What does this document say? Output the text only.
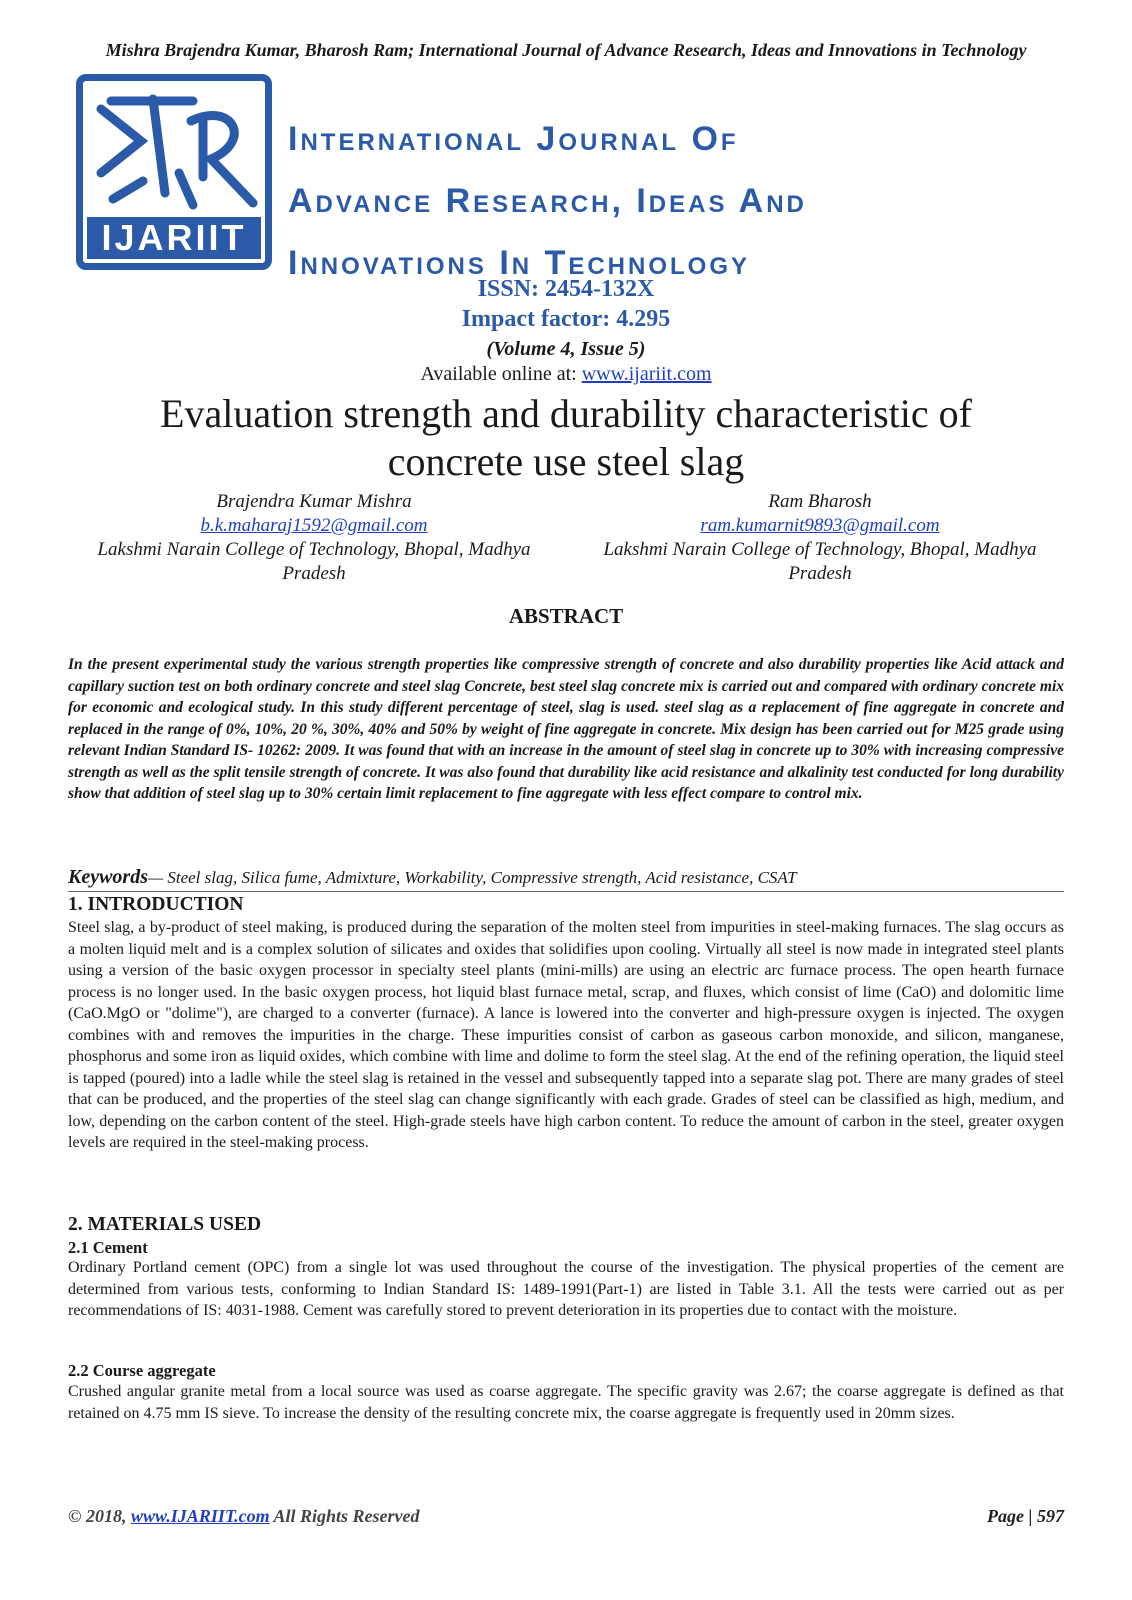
Mishra Brajendra Kumar, Bharosh Ram; International Journal of Advance Research, Ideas and Innovations in Technology
IJARIIT
International Journal Of
Advance Research, Ideas And
Innovations In Technology
ISSN: 2454-132X
Impact factor: 4.295
(Volume 4, Issue 5)
Available online at: www.ijariit.com
Evaluation strength and durability characteristic of
concrete use steel slag
Brajendra Kumar Mishra
b.k.maharaj1592@gmail.com
Lakshmi Narain College of Technology, Bhopal, Madhya
Pradesh
Ram Bharosh
ram.kumarnit9893@gmail.com
Lakshmi Narain College of Technology, Bhopal, Madhya
Pradesh
ABSTRACT
In the present experimental study the various strength properties like compressive strength of concrete and also durability properties like Acid attack and capillary suction test on both ordinary concrete and steel slag Concrete, best steel slag concrete mix is carried out and compared with ordinary concrete mix for economic and ecological study. In this study different percentage of steel, slag is used. steel slag as a replacement of fine aggregate in concrete and replaced in the range of 0%, 10%, 20 %, 30%, 40% and 50% by weight of fine aggregate in concrete. Mix design has been carried out for M25 grade using relevant Indian Standard IS- 10262: 2009. It was found that with an increase in the amount of steel slag in concrete up to 30% with increasing compressive strength as well as the split tensile strength of concrete. It was also found that durability like acid resistance and alkalinity test conducted for long durability show that addition of steel slag up to 30% certain limit replacement to fine aggregate with less effect compare to control mix.
Keywords— Steel slag, Silica fume, Admixture, Workability, Compressive strength, Acid resistance, CSAT
1. INTRODUCTION
Steel slag, a by-product of steel making, is produced during the separation of the molten steel from impurities in steel-making furnaces. The slag occurs as a molten liquid melt and is a complex solution of silicates and oxides that solidifies upon cooling. Virtually all steel is now made in integrated steel plants using a version of the basic oxygen processor in specialty steel plants (mini-mills) are using an electric arc furnace process. The open hearth furnace process is no longer used. In the basic oxygen process, hot liquid blast furnace metal, scrap, and fluxes, which consist of lime (CaO) and dolomitic lime (CaO.MgO or "dolime"), are charged to a converter (furnace). A lance is lowered into the converter and high-pressure oxygen is injected. The oxygen combines with and removes the impurities in the charge. These impurities consist of carbon as gaseous carbon monoxide, and silicon, manganese, phosphorus and some iron as liquid oxides, which combine with lime and dolime to form the steel slag. At the end of the refining operation, the liquid steel is tapped (poured) into a ladle while the steel slag is retained in the vessel and subsequently tapped into a separate slag pot. There are many grades of steel that can be produced, and the properties of the steel slag can change significantly with each grade. Grades of steel can be classified as high, medium, and low, depending on the carbon content of the steel. High-grade steels have high carbon content. To reduce the amount of carbon in the steel, greater oxygen levels are required in the steel-making process.
2. MATERIALS USED
2.1 Cement
Ordinary Portland cement (OPC) from a single lot was used throughout the course of the investigation. The physical properties of the cement are determined from various tests, conforming to Indian Standard IS: 1489-1991(Part-1) are listed in Table 3.1. All the tests were carried out as per recommendations of IS: 4031-1988. Cement was carefully stored to prevent deterioration in its properties due to contact with the moisture.
2.2 Course aggregate
Crushed angular granite metal from a local source was used as coarse aggregate. The specific gravity was 2.67; the coarse aggregate is defined as that retained on 4.75 mm IS sieve. To increase the density of the resulting concrete mix, the coarse aggregate is frequently used in 20mm sizes.
© 2018, www.IJARIIT.com All Rights Reserved	Page | 597
